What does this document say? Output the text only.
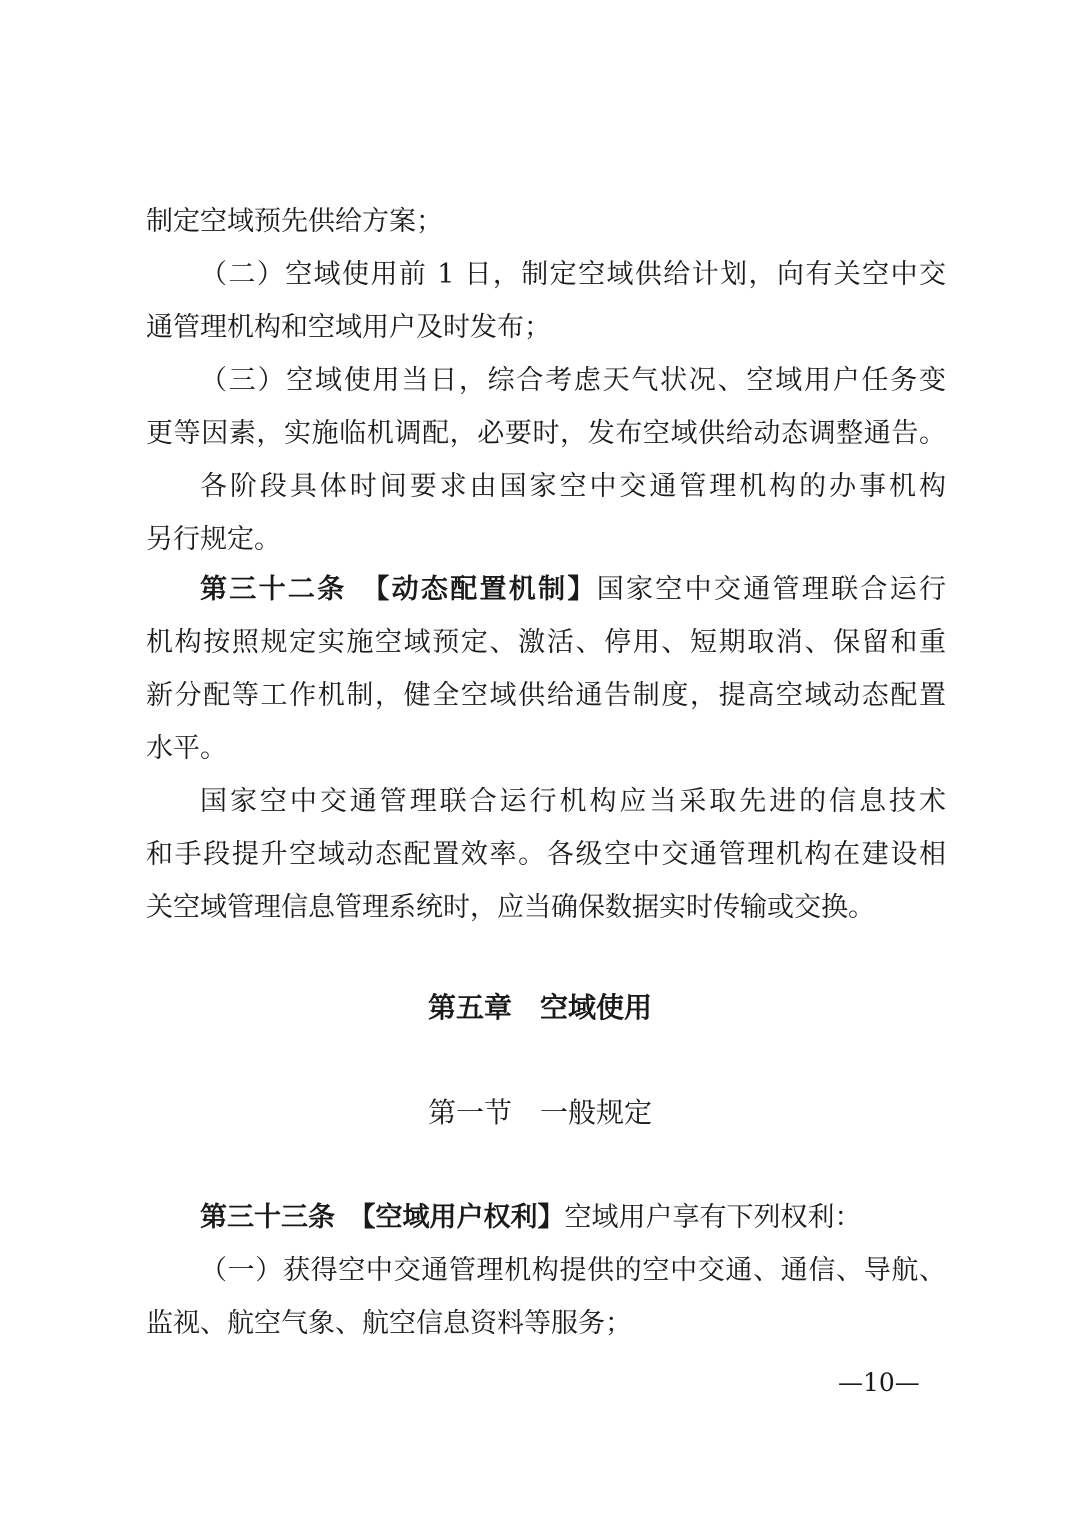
制定空域预先供给方案；
（二）空域使用前 1 日，制定空域供给计划，向有关空中交
通管理机构和空域用户及时发布；
（三）空域使用当日，综合考虑天气状况、空域用户任务变
更等因素，实施临机调配，必要时，发布空域供给动态调整通告。
各阶段具体时间要求由国家空中交通管理机构的办事机构
另行规定。
第三十二条　【动态配置机制】国家空中交通管理联合运行
机构按照规定实施空域预定、激活、停用、短期取消、保留和重
新分配等工作机制，健全空域供给通告制度，提高空域动态配置
水平。
国家空中交通管理联合运行机构应当采取先进的信息技术
和手段提升空域动态配置效率。各级空中交通管理机构在建设相
关空域管理信息管理系统时，应当确保数据实时传输或交换。
第五章　空域使用
第一节　一般规定
第三十三条　【空域用户权利】空域用户享有下列权利：
（一）获得空中交通管理机构提供的空中交通、通信、导航、
监视、航空气象、航空信息资料等服务；
—10—
